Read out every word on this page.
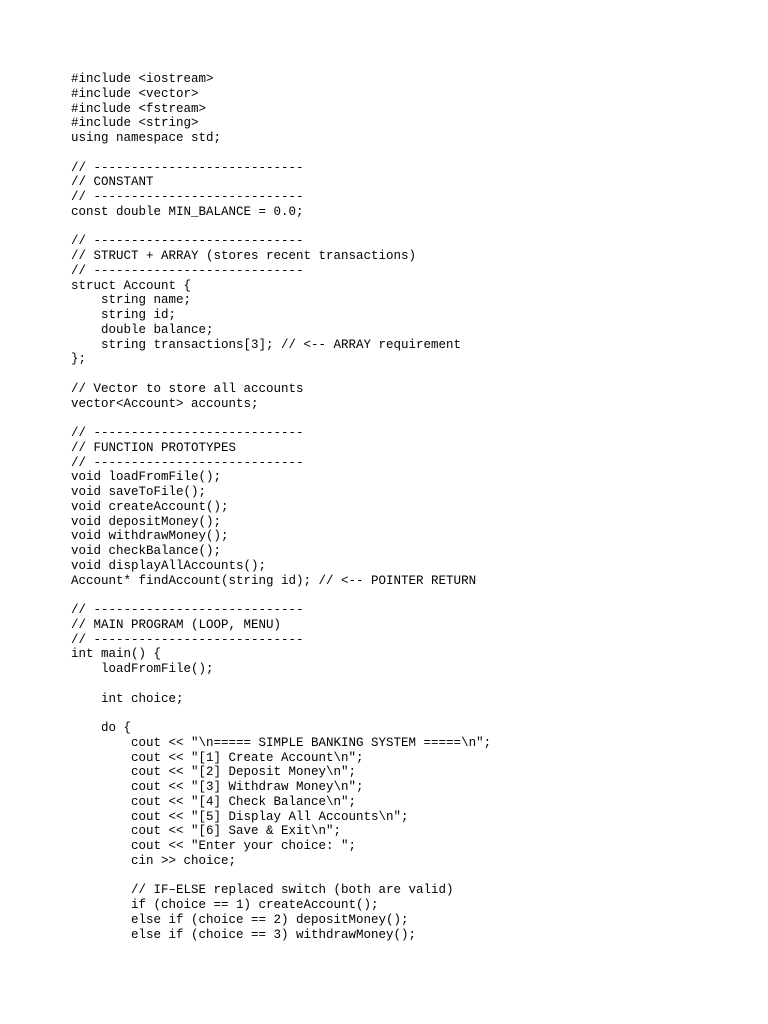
#include <iostream>
#include <vector>
#include <fstream>
#include <string>
using namespace std;
// ----------------------------
// CONSTANT
// ----------------------------
const double MIN_BALANCE = 0.0;
// ----------------------------
// STRUCT + ARRAY (stores recent transactions)
// ----------------------------
struct Account {
string name;
string id;
double balance;
string transactions[3]; // <-- ARRAY requirement
};
// Vector to store all accounts
vector<Account> accounts;
// ----------------------------
// FUNCTION PROTOTYPES
// ----------------------------
void loadFromFile();
void saveToFile();
void createAccount();
void depositMoney();
void withdrawMoney();
void checkBalance();
void displayAllAccounts();
Account* findAccount(string id); // <-- POINTER RETURN
// ----------------------------
// MAIN PROGRAM (LOOP, MENU)
// ----------------------------
int main() {
loadFromFile();
int choice;
do {
cout << "\n===== SIMPLE BANKING SYSTEM =====\n";
cout << "[1] Create Account\n";
cout << "[2] Deposit Money\n";
cout << "[3] Withdraw Money\n";
cout << "[4] Check Balance\n";
cout << "[5] Display All Accounts\n";
cout << "[6] Save & Exit\n";
cout << "Enter your choice: ";
cin >> choice;
// IF–ELSE replaced switch (both are valid)
if (choice == 1) createAccount();
else if (choice == 2) depositMoney();
else if (choice == 3) withdrawMoney();
